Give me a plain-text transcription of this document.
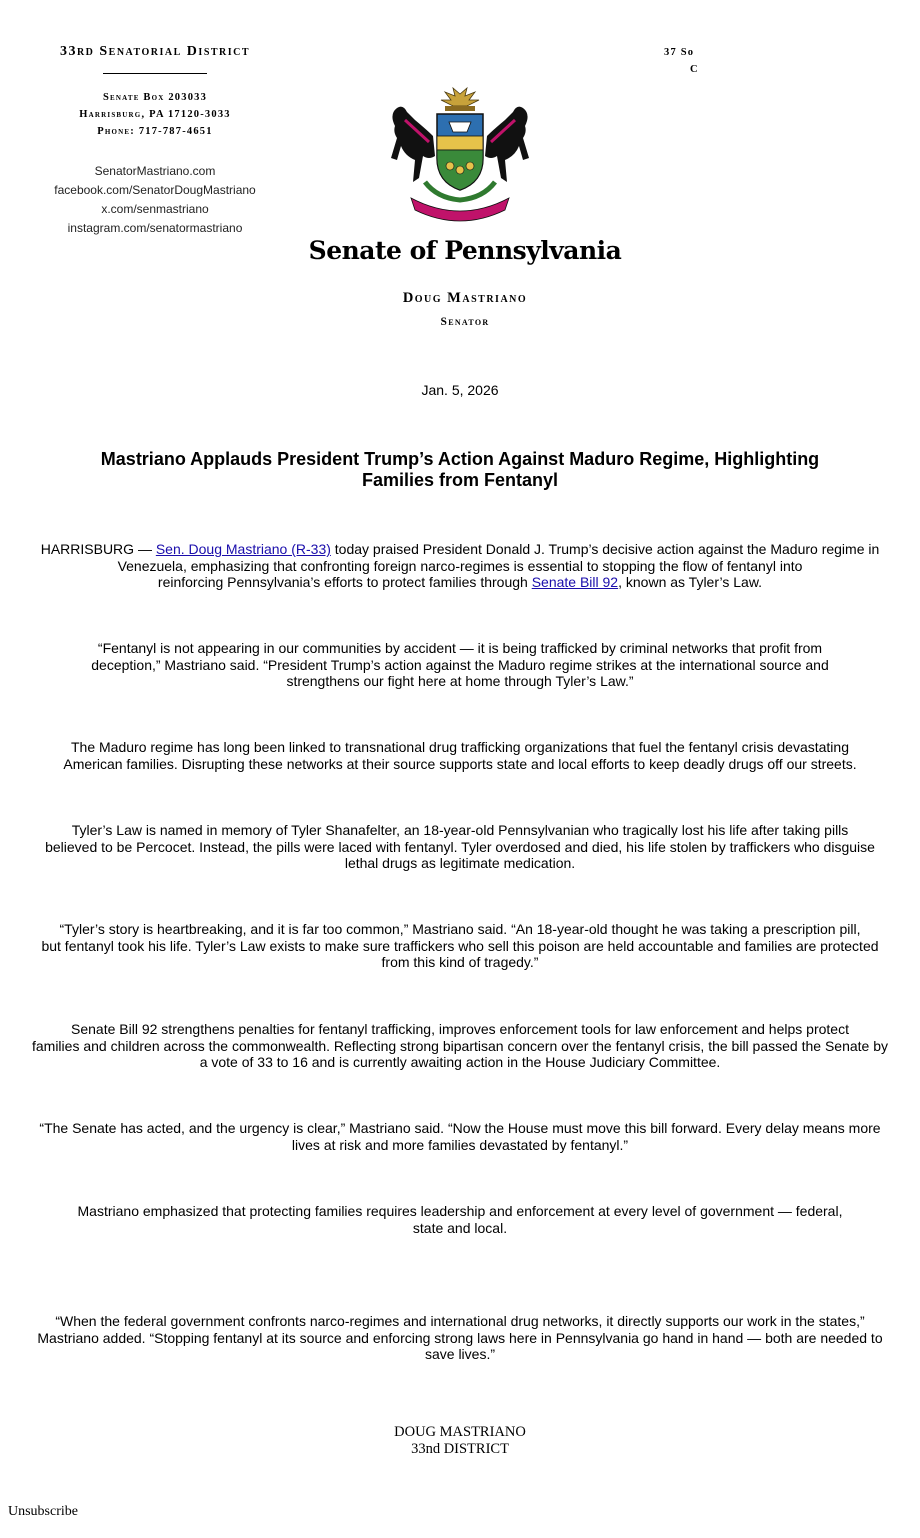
33rd Senatorial District
Senate Box 203033
Harrisburg, PA 17120-3033
Phone: 717-787-4651
SenatorMastriano.com
facebook.com/SenatorDougMastriano
x.com/senmastriano
instagram.com/senatormastriano
37 So
C
Senate of Pennsylvania
Doug Mastriano
Senator
Jan. 5, 2026
Mastriano Applauds President Trump’s Action Against Maduro Regime, Highlighting
Families from Fentanyl
HARRISBURG — Sen. Doug Mastriano (R-33) today praised President Donald J. Trump’s decisive action against the Maduro regime in
Venezuela, emphasizing that confronting foreign narco-regimes is essential to stopping the flow of fentanyl into
reinforcing Pennsylvania’s efforts to protect families through Senate Bill 92, known as Tyler’s Law.
“Fentanyl is not appearing in our communities by accident — it is being trafficked by criminal networks that profit from
deception,” Mastriano said. “President Trump’s action against the Maduro regime strikes at the international source and
strengthens our fight here at home through Tyler’s Law.”
The Maduro regime has long been linked to transnational drug trafficking organizations that fuel the fentanyl crisis devastating
American families. Disrupting these networks at their source supports state and local efforts to keep deadly drugs off our streets.
Tyler’s Law is named in memory of Tyler Shanafelter, an 18-year-old Pennsylvanian who tragically lost his life after taking pills
believed to be Percocet. Instead, the pills were laced with fentanyl. Tyler overdosed and died, his life stolen by traffickers who disguise
lethal drugs as legitimate medication.
“Tyler’s story is heartbreaking, and it is far too common,” Mastriano said. “An 18-year-old thought he was taking a prescription pill,
but fentanyl took his life. Tyler’s Law exists to make sure traffickers who sell this poison are held accountable and families are protected
from this kind of tragedy.”
Senate Bill 92 strengthens penalties for fentanyl trafficking, improves enforcement tools for law enforcement and helps protect
families and children across the commonwealth. Reflecting strong bipartisan concern over the fentanyl crisis, the bill passed the Senate by
a vote of 33 to 16 and is currently awaiting action in the House Judiciary Committee.
“The Senate has acted, and the urgency is clear,” Mastriano said. “Now the House must move this bill forward. Every delay means more
lives at risk and more families devastated by fentanyl.”
Mastriano emphasized that protecting families requires leadership and enforcement at every level of government — federal,
state and local.
“When the federal government confronts narco-regimes and international drug networks, it directly supports our work in the states,”
Mastriano added. “Stopping fentanyl at its source and enforcing strong laws here in Pennsylvania go hand in hand — both are needed to
save lives.”
DOUG MASTRIANO
33nd DISTRICT
Unsubscribe
